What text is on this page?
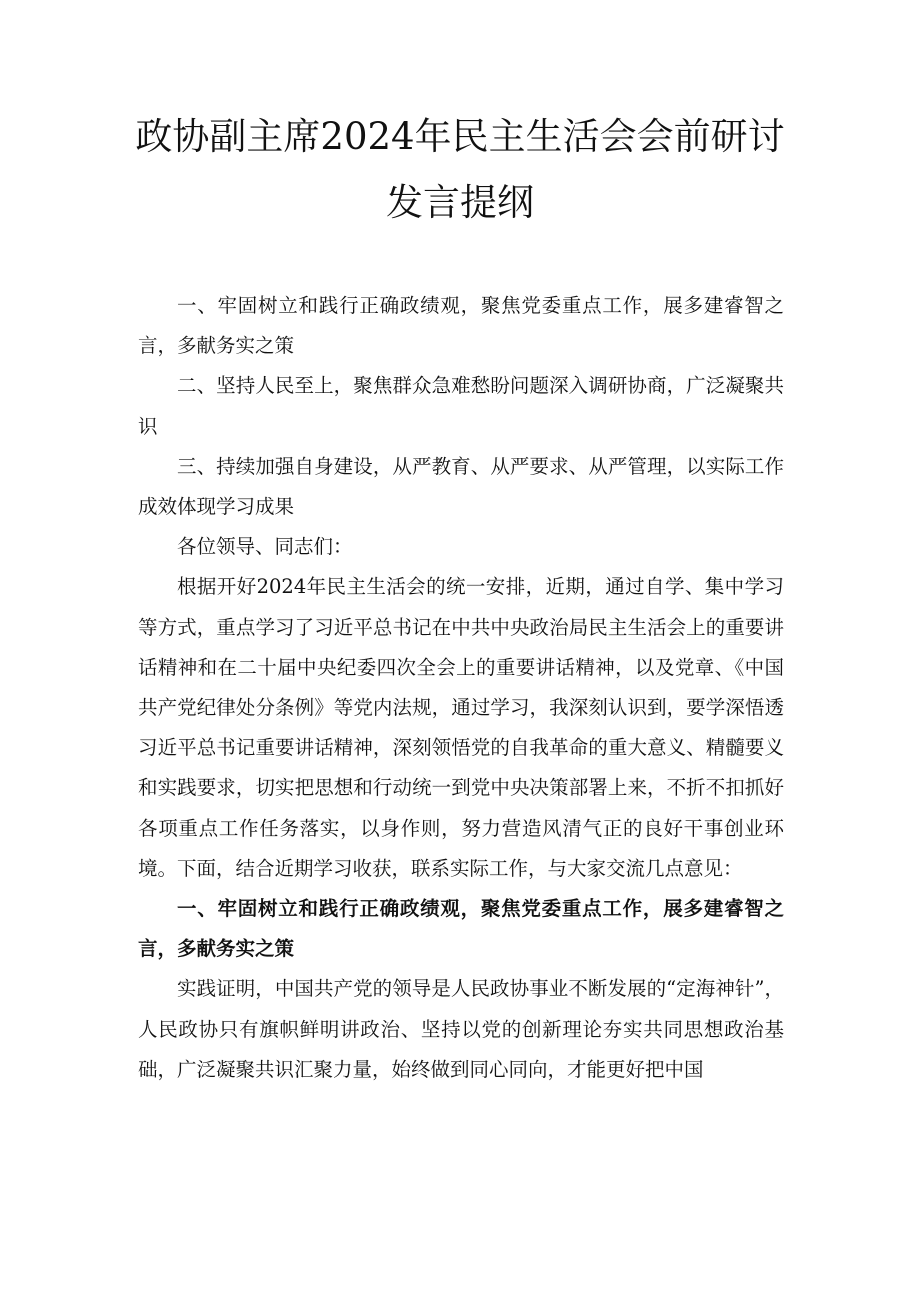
政协副主席2024年民主生活会会前研讨发言提纲

一、牢固树立和践行正确政绩观，聚焦党委重点工作，展多建睿智之言，多献务实之策

二、坚持人民至上，聚焦群众急难愁盼问题深入调研协商，广泛凝聚共识

三、持续加强自身建设，从严教育、从严要求、从严管理，以实际工作成效体现学习成果

各位领导、同志们：

根据开好2024年民主生活会的统一安排，近期，通过自学、集中学习等方式，重点学习了习近平总书记在中共中央政治局民主生活会上的重要讲话精神和在二十届中央纪委四次全会上的重要讲话精神，以及党章、《中国共产党纪律处分条例》等党内法规，通过学习，我深刻认识到，要学深悟透习近平总书记重要讲话精神，深刻领悟党的自我革命的重大意义、精髓要义和实践要求，切实把思想和行动统一到党中央决策部署上来，不折不扣抓好各项重点工作任务落实，以身作则，努力营造风清气正的良好干事创业环境。下面，结合近期学习收获，联系实际工作，与大家交流几点意见：

一、牢固树立和践行正确政绩观，聚焦党委重点工作，展多建睿智之言，多献务实之策

实践证明，中国共产党的领导是人民政协事业不断发展的“定海神针”，人民政协只有旗帜鲜明讲政治、坚持以党的创新理论夯实共同思想政治基础，广泛凝聚共识汇聚力量，始终做到同心同向，才能更好把中国
